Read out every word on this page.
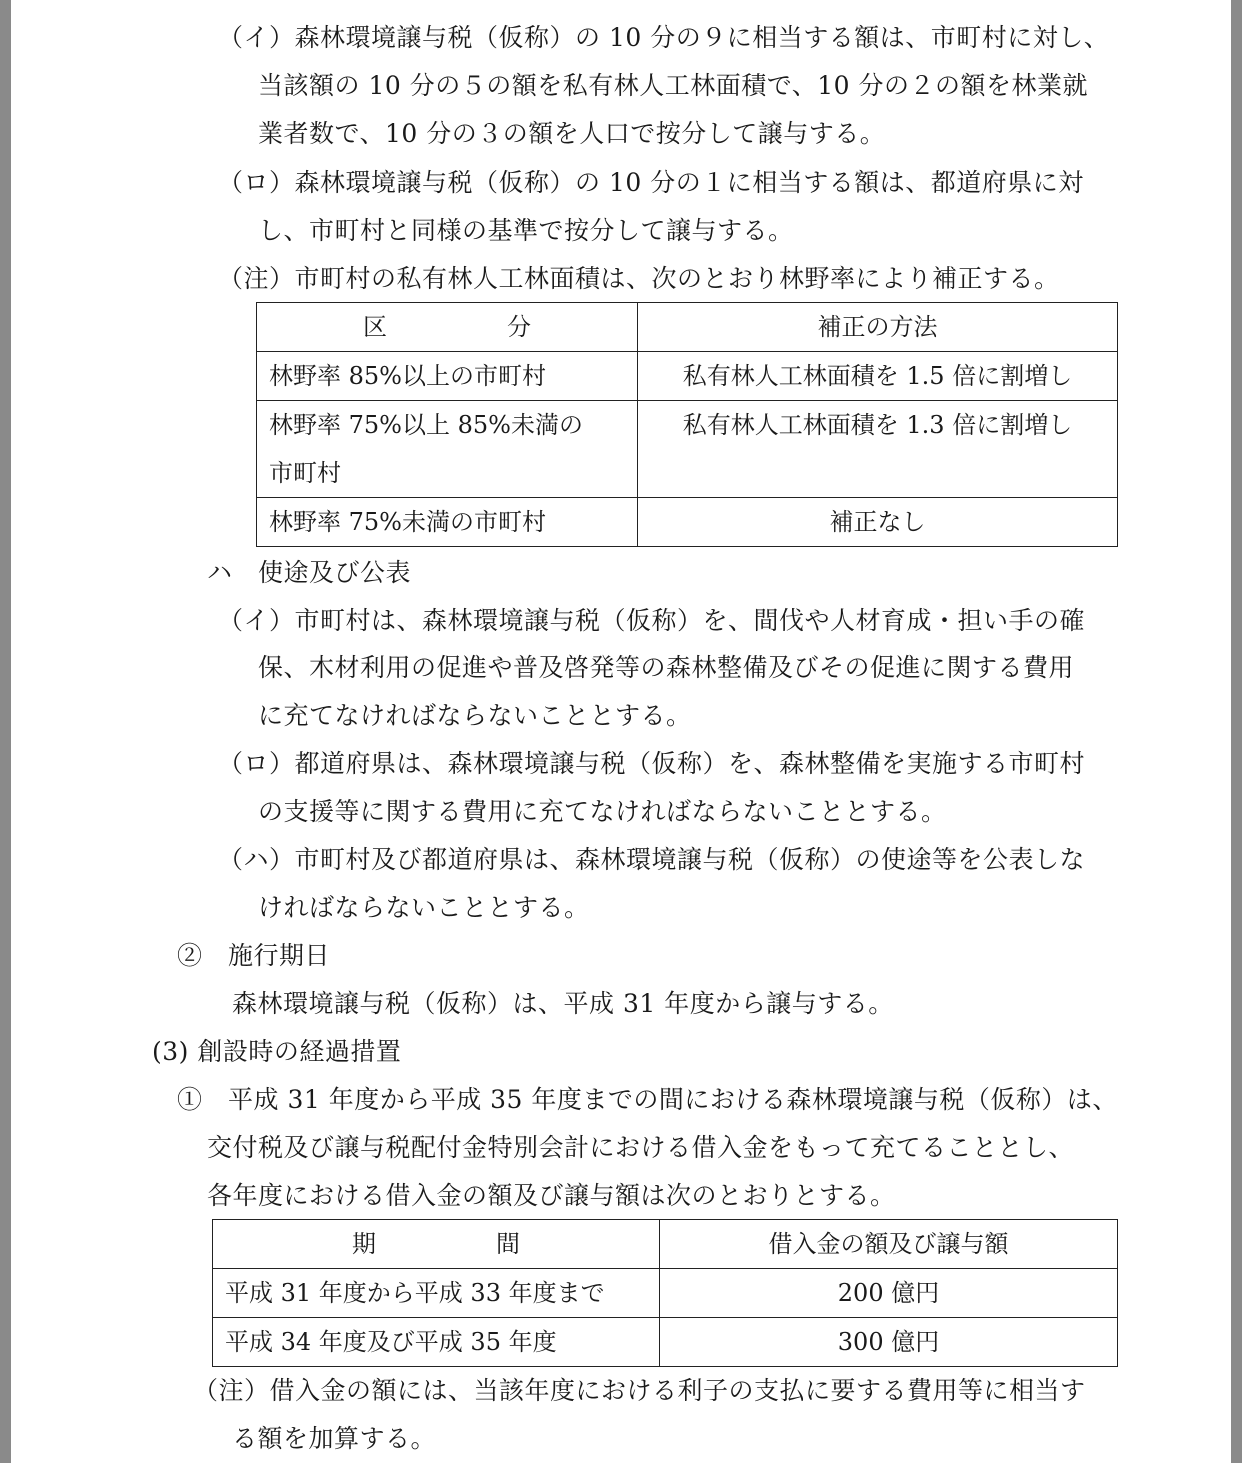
（イ）森林環境譲与税（仮称）の 10 分の９に相当する額は、市町村に対し、
当該額の 10 分の５の額を私有林人工林面積で、10 分の２の額を林業就
業者数で、10 分の３の額を人口で按分して譲与する。
（ロ）森林環境譲与税（仮称）の 10 分の１に相当する額は、都道府県に対
し、市町村と同様の基準で按分して譲与する。
（注）市町村の私有林人工林面積は、次のとおり林野率により補正する。
区　　　　　分	補正の方法
林野率 85%以上の市町村	私有林人工林面積を 1.5 倍に割増し

林野率 75%以上 85%未満の
市町村	私有林人工林面積を 1.3 倍に割増し
林野率 75%未満の市町村	補正なし
ハ　使途及び公表
（イ）市町村は、森林環境譲与税（仮称）を、間伐や人材育成・担い手の確
保、木材利用の促進や普及啓発等の森林整備及びその促進に関する費用
に充てなければならないこととする。
（ロ）都道府県は、森林環境譲与税（仮称）を、森林整備を実施する市町村
の支援等に関する費用に充てなければならないこととする。
（ハ）市町村及び都道府県は、森林環境譲与税（仮称）の使途等を公表しな
ければならないこととする。
②　施行期日
森林環境譲与税（仮称）は、平成 31 年度から譲与する。
(3) 創設時の経過措置
①　平成 31 年度から平成 35 年度までの間における森林環境譲与税（仮称）は、
交付税及び譲与税配付金特別会計における借入金をもって充てることとし、
各年度における借入金の額及び譲与額は次のとおりとする。
期　　　　　間	借入金の額及び譲与額
平成 31 年度から平成 33 年度まで	200 億円
平成 34 年度及び平成 35 年度	300 億円
（注）借入金の額には、当該年度における利子の支払に要する費用等に相当す
る額を加算する。
